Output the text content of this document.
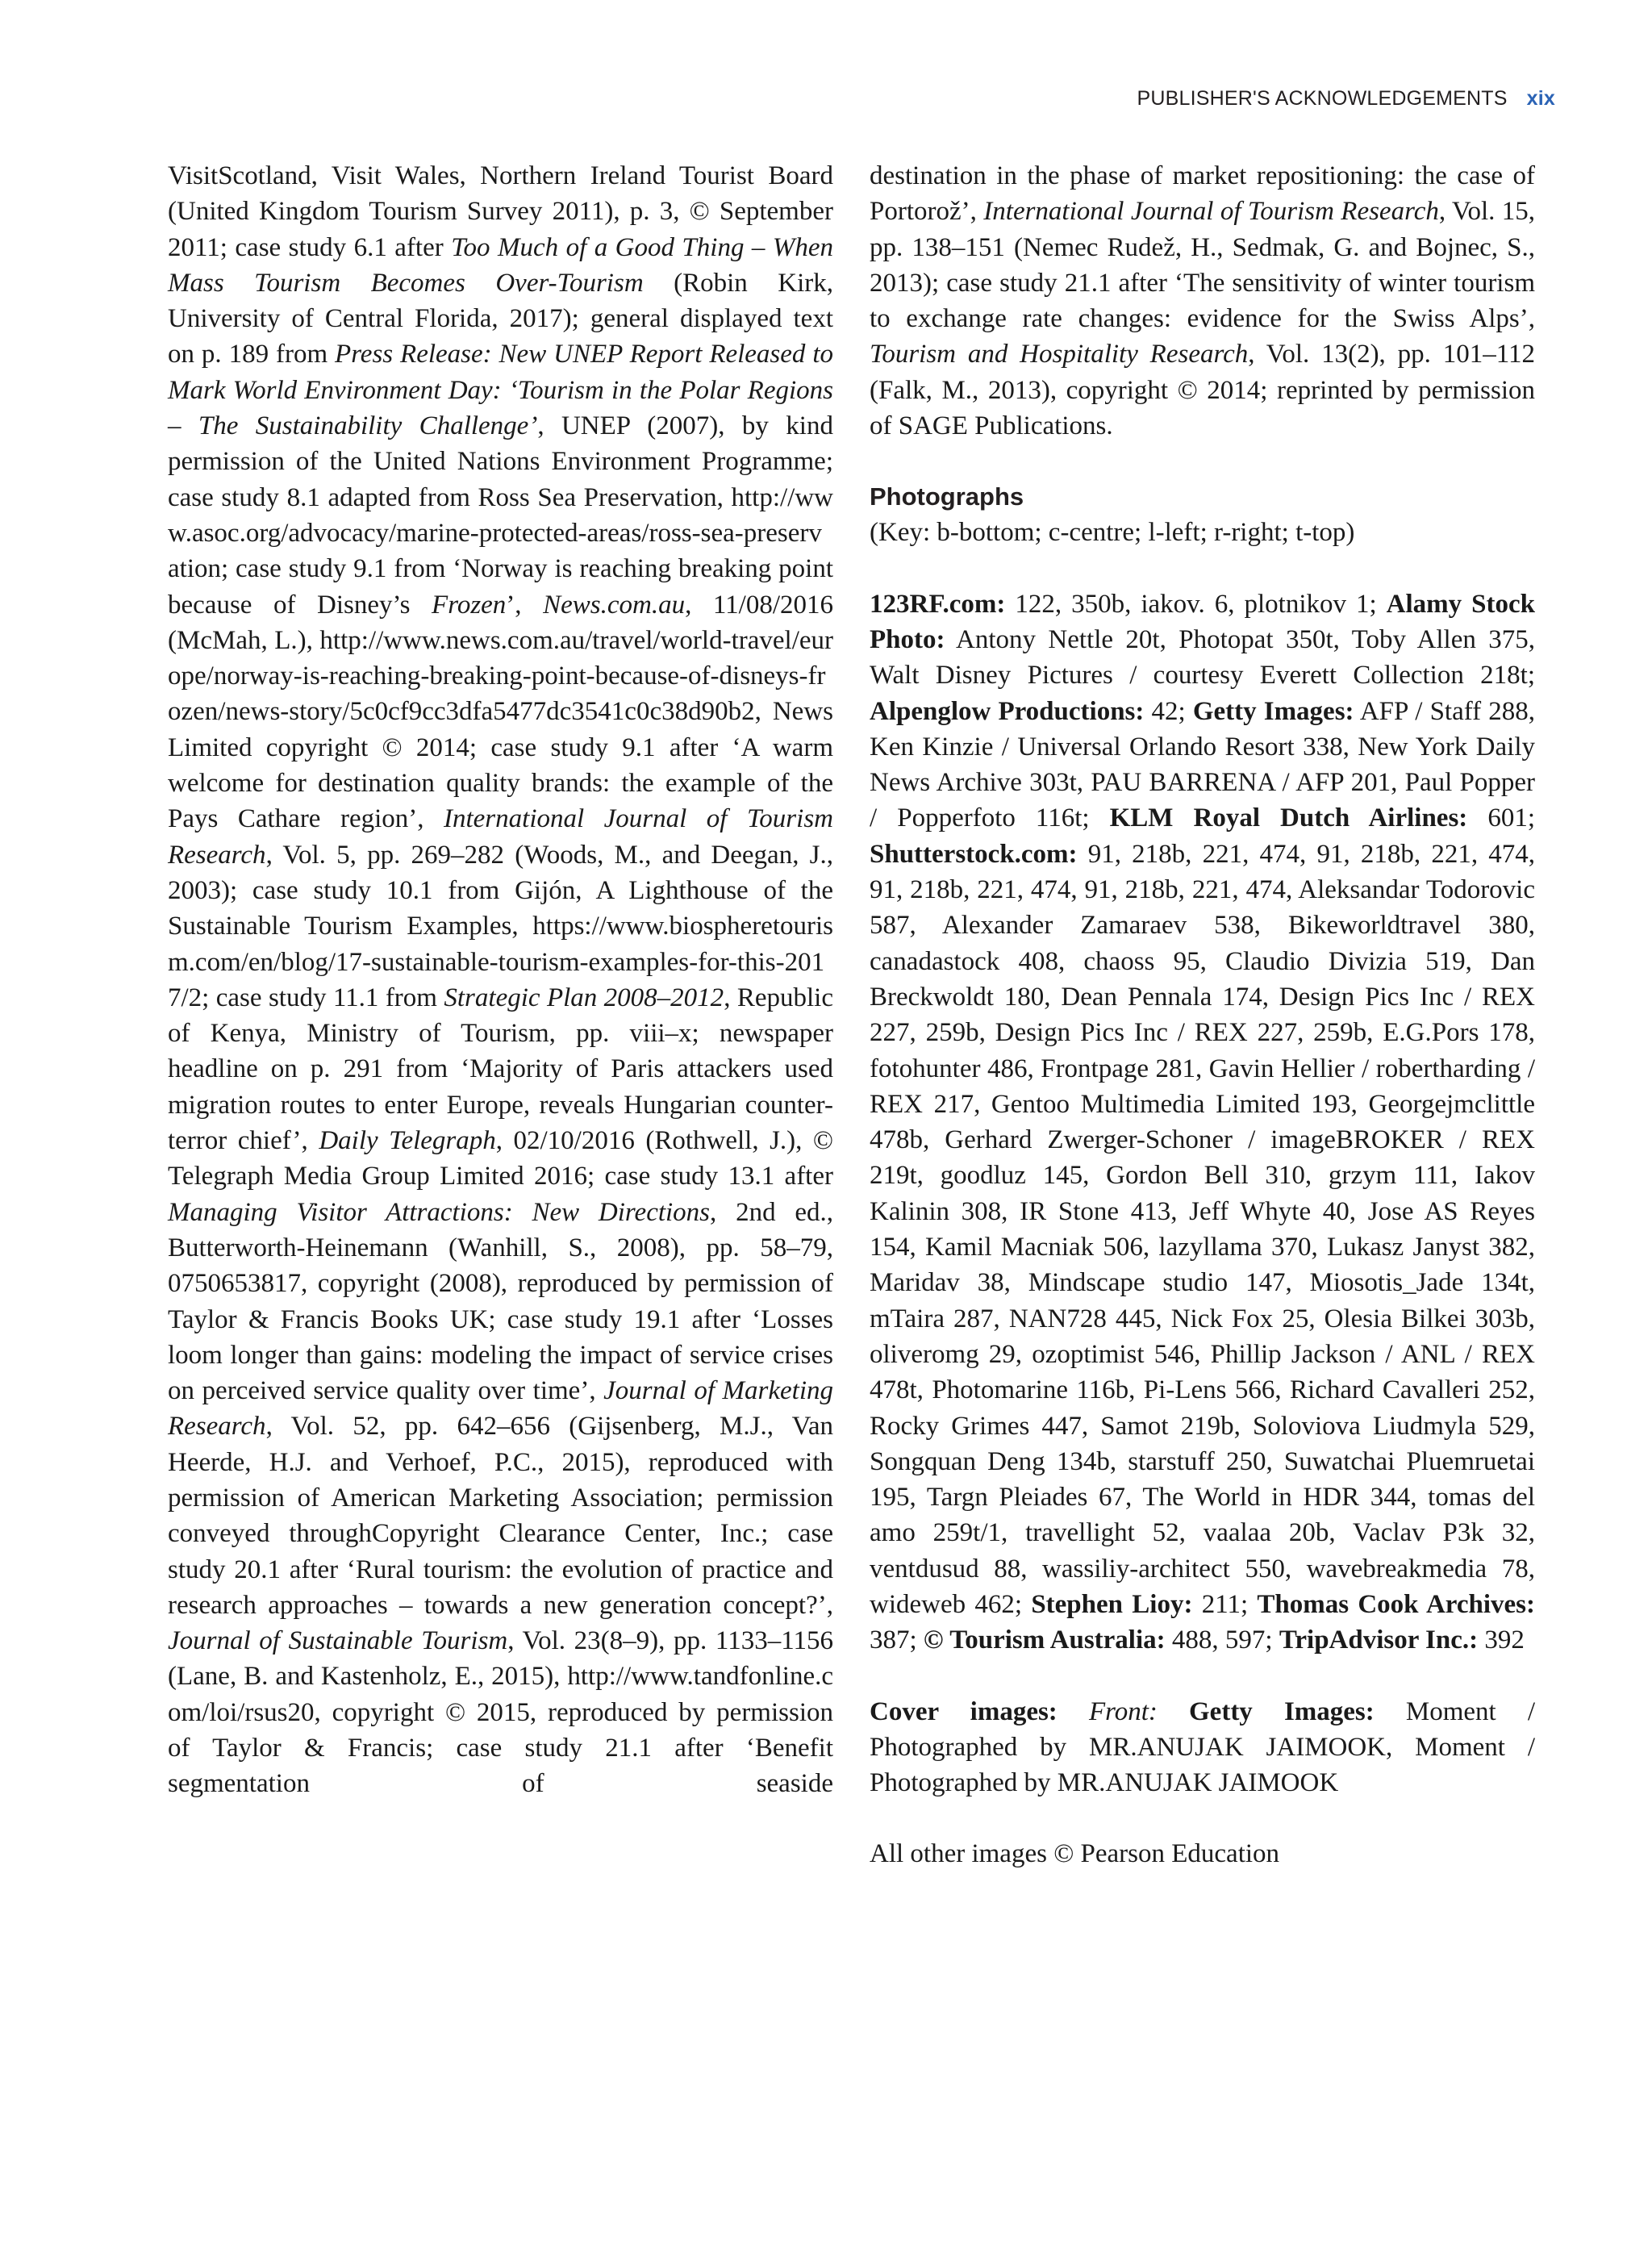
PUBLISHER'S ACKNOWLEDGEMENTS xix

VisitScotland, Visit Wales, Northern Ireland Tourist Board (United Kingdom Tourism Survey 2011), p. 3, © September 2011; case study 6.1 after Too Much of a Good Thing – When Mass Tourism Becomes Over-Tourism (Robin Kirk, University of Central Florida, 2017); general displayed text on p. 189 from Press Release: New UNEP Report Released to Mark World Environment Day: ‘Tourism in the Polar Regions – The Sustainability Challenge’, UNEP (2007), by kind permission of the United Nations Environment Programme; case study 8.1 adapted from Ross Sea Preservation, http://www.asoc.org/advocacy/marine-protected-areas/ross-sea-preservation; case study 9.1 from ‘Norway is reaching breaking point because of Disney’s Frozen’, News.com.au, 11/08/2016 (McMah, L.), http://www.news.com.au/travel/world-travel/europe/norway-is-reaching-breaking-point-because-of-disneys-frozen/news-story/5c0cf9cc3dfa5477dc3541c0c38d90b2, News Limited copyright © 2014; case study 9.1 after ‘A warm welcome for destination quality brands: the example of the Pays Cathare region’, International Journal of Tourism Research, Vol. 5, pp. 269–282 (Woods, M., and Deegan, J., 2003); case study 10.1 from Gijón, A Lighthouse of the Sustainable Tourism Examples, https://www.biospheretourism.com/en/blog/17-sustainable-tourism-examples-for-this-2017/2; case study 11.1 from Strategic Plan 2008–2012, Republic of Kenya, Ministry of Tourism, pp. viii–x; newspaper headline on p. 291 from ‘Majority of Paris attackers used migration routes to enter Europe, reveals Hungarian counter-terror chief’, Daily Telegraph, 02/10/2016 (Rothwell, J.), © Telegraph Media Group Limited 2016; case study 13.1 after Managing Visitor Attractions: New Directions, 2nd ed., Butterworth-Heinemann (Wanhill, S., 2008), pp. 58–79, 0750653817, copyright (2008), reproduced by permission of Taylor & Francis Books UK; case study 19.1 after ‘Losses loom longer than gains: modeling the impact of service crises on perceived service quality over time’, Journal of Marketing Research, Vol. 52, pp. 642–656 (Gijsenberg, M.J., Van Heerde, H.J. and Verhoef, P.C., 2015), reproduced with permission of American Marketing Association; permission conveyed throughCopyright Clearance Center, Inc.; case study 20.1 after ‘Rural tourism: the evolution of practice and research approaches – towards a new generation concept?’, Journal of Sustainable Tourism, Vol. 23(8–9), pp. 1133–1156 (Lane, B. and Kastenholz, E., 2015), http://www.tandfonline.com/loi/rsus20, copyright © 2015, reproduced by permission of Taylor & Francis; case study 21.1 after ‘Benefit segmentation of seaside

destination in the phase of market repositioning: the case of Portorož’, International Journal of Tourism Research, Vol. 15, pp. 138–151 (Nemec Rudež, H., Sedmak, G. and Bojnec, S., 2013); case study 21.1 after ‘The sensitivity of winter tourism to exchange rate changes: evidence for the Swiss Alps’, Tourism and Hospitality Research, Vol. 13(2), pp. 101–112 (Falk, M., 2013), copyright © 2014; reprinted by permission of SAGE Publications.

Photographs

(Key: b-bottom; c-centre; l-left; r-right; t-top)

123RF.com: 122, 350b, iakov. 6, plotnikov 1; Alamy Stock Photo: Antony Nettle 20t, Photopat 350t, Toby Allen 375, Walt Disney Pictures / courtesy Everett Collection 218t; Alpenglow Productions: 42; Getty Images: AFP / Staff 288, Ken Kinzie / Universal Orlando Resort 338, New York Daily News Archive 303t, PAU BARRENA / AFP 201, Paul Popper / Popperfoto 116t; KLM Royal Dutch Airlines: 601; Shutterstock.com: 91, 218b, 221, 474, 91, 218b, 221, 474, 91, 218b, 221, 474, 91, 218b, 221, 474, Aleksandar Todorovic 587, Alexander Zamaraev 538, Bikeworldtravel 380, canadastock 408, chaoss 95, Claudio Divizia 519, Dan Breckwoldt 180, Dean Pennala 174, Design Pics Inc / REX 227, 259b, Design Pics Inc / REX 227, 259b, E.G.Pors 178, fotohunter 486, Frontpage 281, Gavin Hellier / robertharding / REX 217, Gentoo Multimedia Limited 193, Georgejmclittle 478b, Gerhard Zwerger-Schoner / imageBROKER / REX 219t, goodluz 145, Gordon Bell 310, grzym 111, Iakov Kalinin 308, IR Stone 413, Jeff Whyte 40, Jose AS Reyes 154, Kamil Macniak 506, lazyllama 370, Lukasz Janyst 382, Maridav 38, Mindscape studio 147, Miosotis_Jade 134t, mTaira 287, NAN728 445, Nick Fox 25, Olesia Bilkei 303b, oliveromg 29, ozoptimist 546, Phillip Jackson / ANL / REX 478t, Photomarine 116b, Pi-Lens 566, Richard Cavalleri 252, Rocky Grimes 447, Samot 219b, Soloviova Liudmyla 529, Songquan Deng 134b, starstuff 250, Suwatchai Pluemruetai 195, Targn Pleiades 67, The World in HDR 344, tomas del amo 259t/1, travellight 52, vaalaa 20b, Vaclav P3k 32, ventdusud 88, wassiliy-architect 550, wavebreakmedia 78, wideweb 462; Stephen Lioy: 211; Thomas Cook Archives: 387; © Tourism Australia: 488, 597; TripAdvisor Inc.: 392

Cover images: Front: Getty Images: Moment / Photographed by MR.ANUJAK JAIMOOK, Moment / Photographed by MR.ANUJAK JAIMOOK

All other images © Pearson Education
